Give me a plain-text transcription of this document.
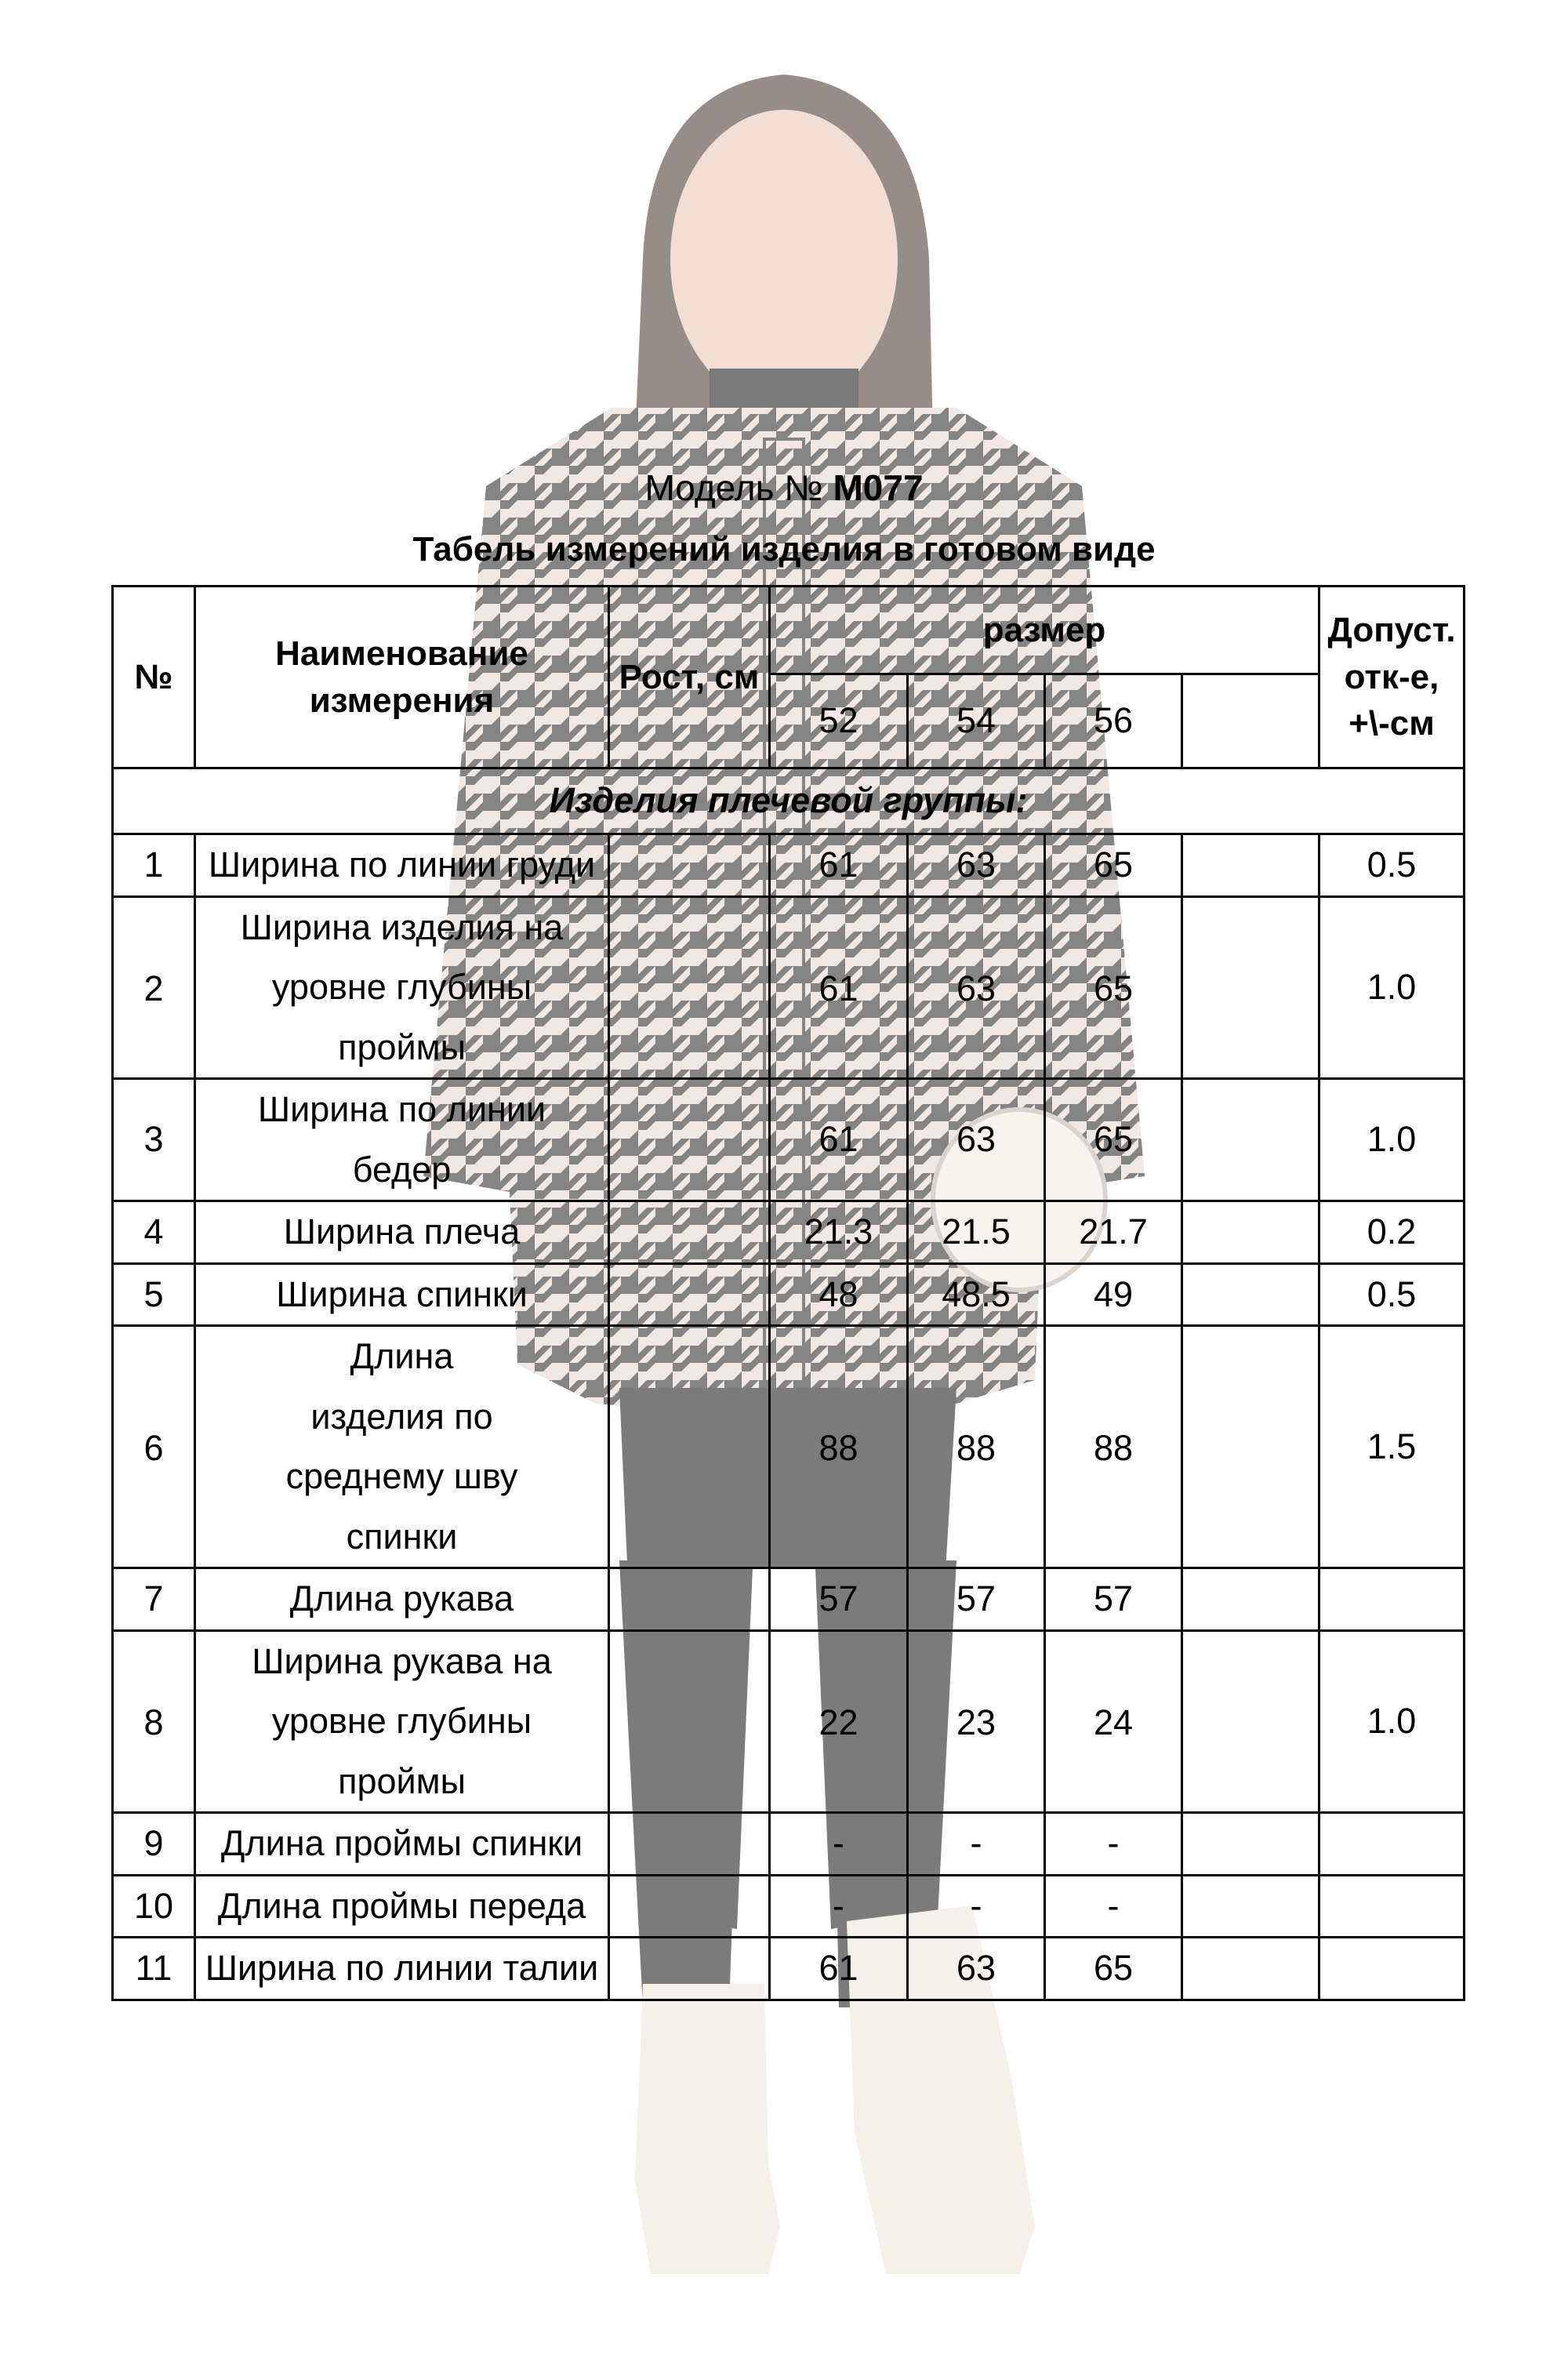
Модель № М077
Табель измерений изделия в готовом виде
№	Наименование измерения	Рост, см	размер				Допуст. отк-е, +\-см
			52	54	56		
Изделия плечевой группы:							
1	Ширина по линии груди		61	63	65		0.5
2	Ширина изделия на уровне глубины проймы		61	63	65		1.0
3	Ширина по линии бедер		61	63	65		1.0
4	Ширина плеча		21.3	21.5	21.7		0.2
5	Ширина спинки		48	48.5	49		0.5
6	Длина изделия по среднему шву спинки		88	88	88		1.5
7	Длина рукава		57	57	57		
8	Ширина рукава на уровне глубины проймы		22	23	24		1.0
9	Длина проймы спинки		-	-	-		
10	Длина проймы переда		-	-	-		
11	Ширина по линии талии		61	63	65		
